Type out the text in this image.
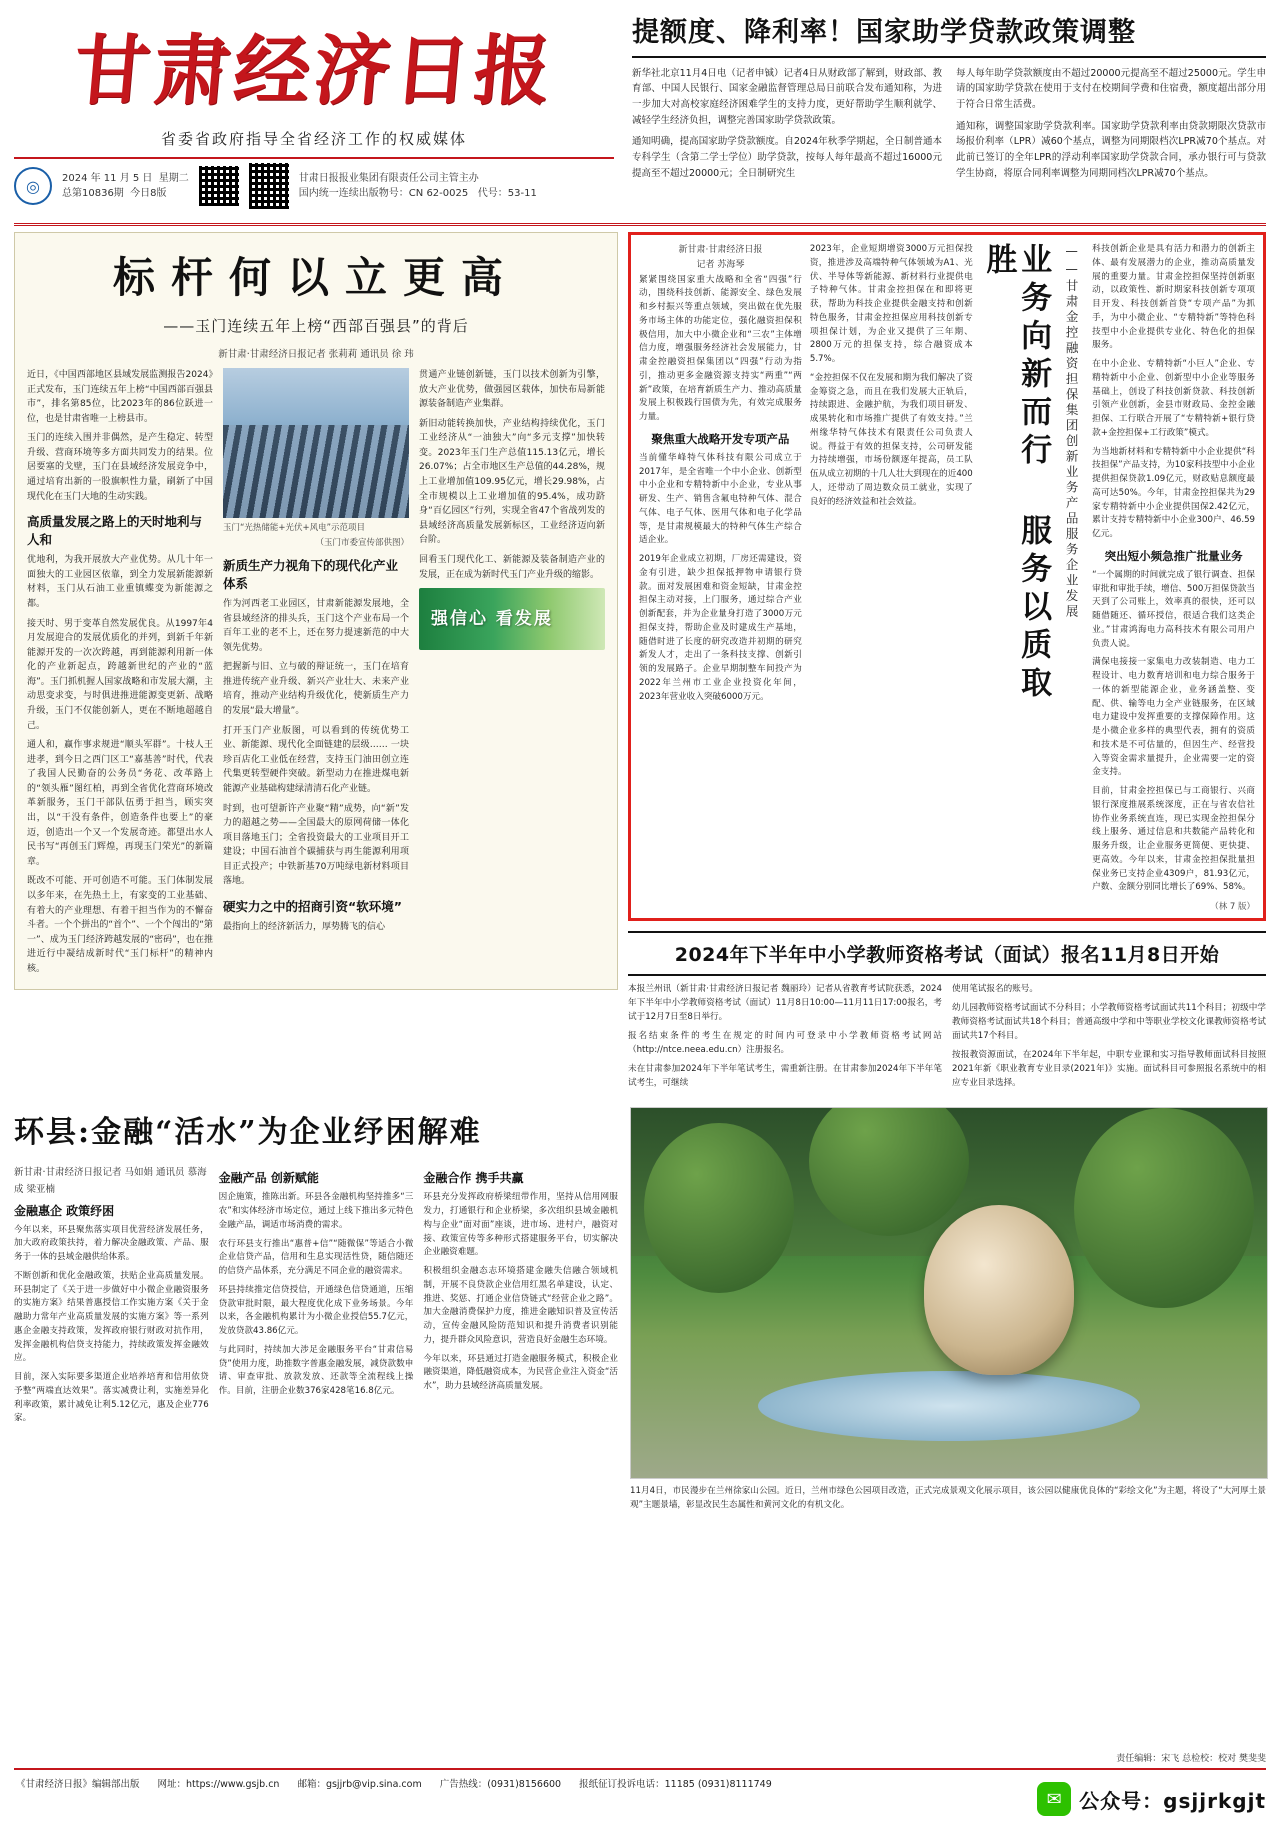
甘肃经济日报
省委省政府指导全省经济工作的权威媒体
◎	2024 年 11 月 5 日 星期二
总第10836期 今日8版
甘肃日报报业集团有限责任公司主管主办
国内统一连续出版物号：CN 62-0025 代号：53-11
提额度、降利率！国家助学贷款政策调整

新华社北京11月4日电（记者申铖）记者4日从财政部了解到，财政部、教育部、中国人民银行、国家金融监督管理总局日前联合发布通知称，为进一步加大对高校家庭经济困难学生的支持力度，更好帮助学生顺利就学、减轻学生经济负担，调整完善国家助学贷款政策。

通知明确，提高国家助学贷款额度。自2024年秋季学期起，全日制普通本专科学生（含第二学士学位）助学贷款，按每人每年最高不超过16000元提高至不超过20000元；全日制研究生

每人每年助学贷款额度由不超过20000元提高至不超过25000元。学生申请的国家助学贷款在使用于支付在校期间学费和住宿费，额度超出部分用于符合日常生活费。

通知称，调整国家助学贷款利率。国家助学贷款利率由贷款期限次贷款市场报价利率（LPR）减60个基点，调整为同期限档次LPR减70个基点。对此前已签订的全年LPR的浮动利率国家助学贷款合同，承办银行可与贷款学生协商，将原合同利率调整为同期同档次LPR减70个基点。

标杆何以立更高
——玉门连续五年上榜“西部百强县”的背后
新甘肃·甘肃经济日报记者 张莉莉 通讯员 徐 玮

近日，《中国西部地区县域发展监测报告2024》正式发布，玉门连续五年上榜“中国西部百强县市”，排名第85位，比2023年的86位跃进一位，也是甘肃省唯一上榜县市。

玉门的连续入围并非偶然，是产生稳定、转型升级、营商环境等多方面共同发力的结果。位居要塞的戈壁，玉门在县域经济发展竞争中，通过培育出新的一股旗帜性力量，刷新了中国现代化在玉门大地的生动实践。

高质量发展之路上的天时地利与人和

优地利，为我开展放大产业优势。从几十年一面独大的工业园区依靠，到全力发展新能源新材料，玉门从石油工业重镇蝶变为新能源之都。

接天时、男于变革自然发展优良。从1997年4月发展迎合的发展优质化的并列，到新千年新能源开发的一次次跨越，再到能源利用新一体化的产业新起点，跨越新世纪的产业的“蓝海”。玉门抓机握人国家战略和市发展大潮，主动思变求变，与时俱进推进能源变更新、战略升级，玉门不仅能创新人，更在不断地超越自己。

通人和，赢作事求规进“顺头军群”。十枝人王进孝，到今日之西门区工“嘉基善”时代，代表了我国人民勤奋的公务员“务花、改革路上的“领头雁”图红柏，再到全省优化营商环境改革新服务，玉门干部队伍勇于担当，顾实突出，以“干没有条件，创造条件也要上”的豪迈，创造出一个又一个发展奇迹。都望出水人民书写“再创玉门辉煌，再现玉门荣光”的新篇章。

既改不可能、开可创造不可能。玉门体制发展以多年来，在先热土上，有家变的工业基础、有着大的产业理想、有着干担当作为的不懈奋斗者。一个个拼出的“首个”、一个个闯出的“第一”、成为玉门经济跨越发展的“密码”，也在推进近行中凝结成新时代“玉门标杆”的精神内核。

玉门“光热储能+光伏+风电”示范项目
（玉门市委宣传部供图）
新质生产力视角下的现代化产业体系

作为河西老工业园区，甘肃新能源发展地，全省县域经济的排头兵，玉门这个产业布局一个百年工业的老不上，还在努力提速新范的中大领先优势。

把握新与旧、立与破的辩证统一，玉门在培育推进传统产业升级、新兴产业壮大、未来产业培育，推动产业结构升级优化，使新质生产力的发展“最大增量”。

打开玉门产业版图，可以看到的传统优势工业、新能源、现代化全面链建的层级…… 一块珍百店化工业低在经营，支持玉门油田创立连代集更转型硬件突破。新型动力在推进煤电新能源产业基础构建绿清清石化产业链。

时到，也可望新许产业聚“精”成势，向“新”发力的超越之势——全国最大的原网荷储一体化项目落地玉门；全省投资最大的工业项目开工建设；中国石油首个碳捕获与再生能源利用项目正式投产；中铁新基70万吨绿电新材料项目落地。

硬实力之中的招商引资“软环境”

最指向上的经济新活力，厚势腾飞的信心

贯通产业链创新链，玉门以技术创新为引擎，放大产业优势，做强园区载体，加快布局新能源装备制造产业集群。

新旧动能转换加快，产业结构持续优化，玉门工业经济从“一油独大”向“多元支撑”加快转变。2023年玉门生产总值115.13亿元，增长26.07%；占全市地区生产总值的44.28%，规上工业增加值109.95亿元，增长29.98%，占全市规模以上工业增加值的95.4%，成功跻身“百亿园区”行列，实现全省47个省战列发的县域经济高质量发展新标区，工业经济迈向新台阶。

回看玉门现代化工、新能源及装备制造产业的发展，正在成为新时代玉门产业升级的缩影。

强信心 看发展
新甘肃·甘肃经济日报
记者 苏海琴

紧紧围绕国家重大战略和全省“四强”行动，围绕科技创新、能源安全、绿色发展和乡村振兴等重点领域，突出做在优先服务市场主体的功能定位，强化融资担保积极信用，加大中小微企业和“三农”主体增信力度，增强服务经济社会发展能力，甘肃金控融资担保集团以“四强”行动为指引，推动更多金融资源支持实“两重”“两新”政策，在培育新质生产力、推动高质量发展上积极践行国债为先，有效完成服务力量。

聚焦重大战略开发专项产品

当前懂华峰特气体科技有限公司成立于2017年，是全省唯一个中小企业、创新型中小企业和专精特新中小企业，专业从事研发、生产、销售含氟电特种气体、混合气体、电子气体、医用气体和电子化学品等，是甘肃规模最大的特种气体生产综合适企业。

2019年企业成立初期，厂房还需建设，资金有引进，缺少担保抵押物申请银行贷款。面对发展困难和资金短缺，甘肃金控担保主动对接，上门服务，通过综合产业创新配套，并为企业量身打造了3000万元担保支持，帮助企业及时建成生产基地，随借时进了长度的研究改造并初期的研究新发人才，走出了一条科技支撑、创新引领的发展路子。企业早期制整车间投产为2022年兰州市工业企业投资化年间，2023年营业收入突破6000万元。

2023年，企业短期增资3000万元担保投资，推进涉及高端特种气体领域为A1、光伏、半导体等新能源、新材料行业提供电子特种气体。甘肃金控担保在和即将更获，帮助为科技企业提供金融支持和创新特色服务，甘肃金控担保应用科技创新专项担保计划，为企业又提供了三年期、2800万元的担保支持，综合融资成本5.7%。

“金控担保不仅在发展和期为我们解决了资金筹资之急，而且在我们发展大正轨后，持续跟进、金融护航，为我们项目研发、成果转化和市场推广提供了有效支持。”兰州缘华特气体技术有限责任公司负责人说。得益于有效的担保支持，公司研发能力持续增强，市场份额逐年提高，员工队伍从成立初期的十几人壮大到现在的近400人，还带动了周边数众员工就业，实现了良好的经济效益和社会效益。	业务向新而行 服务以质取胜	——甘肃金控融资担保集团创新业务产品服务企业发展 科技创新企业是具有活力和潜力的创新主体、最有发展潜力的企业，推动高质量发展的重要力量。甘肃金控担保坚持创新驱动，以政策性、新时期家科技创新专项项目开发、科技创新首贷“专项产品”为抓手，为中小微企业、“专精特新”等特色科技型中小企业提供专业化、特色化的担保服务。

在中小企业、专精特新“小巨人”企业、专精特新中小企业、创新型中小企业等服务基础上，创设了科技创新贷款、科技创新引领产业创新，金县市财政局、金控金融担保、工行联合开展了“专精特新+银行贷款+金控担保+工行政策”模式。

为当地新材料和专精特新中小企业提供“科技担保”产品支持，为10家科技型中小企业提供担保贷款1.09亿元，财政贴息额度最高可达50%。今年，甘肃金控担保共为29家专精特新中小企业提供国保2.42亿元，累计支持专精特新中小企业300户、46.59亿元。

突出短小频急推广批量业务

“一个属期的时间就完成了银行调查、担保审批和审批手续，增信、500万担保贷款当天到了公司账上，效率真的很快，还可以随借随还、循环授信，很适合我们这类企业。”甘肃鸿海电力高科技术有限公司用户负责人说。

满保电接接一家集电力改装制造、电力工程设计、电力数育培训和电力综合服务于一体的新型能源企业，业务涵盖整、变配、供、输等电力全产业链服务，在区域电力建设中发挥重要的支撑保障作用。这是小微企业多样的典型代表，拥有的资质和技术是不可估量的，但因生产、经营投入等资金需求量提升，企业需要一定的资金支持。

目前，甘肃金控担保已与工商银行、兴商银行深度推展系统深度，正在与省农信社协作业务系统直连，现已实现金控担保分线上服务、通过信息和共数能产品转化和服务升级，让企业服务更简便、更快捷、更高效。今年以来，甘肃金控担保批量担保业务已支持企业4309户，81.93亿元，户数、金额分别同比增长了69%、58%。

（林 7 版）
2024年下半年中小学教师资格考试（面试）报名11月8日开始

本报兰州讯（新甘肃·甘肃经济日报记者 魏丽玲）记者从省教育考试院获悉，2024年下半年中小学教师资格考试（面试）11月8日10:00—11月11日17:00报名，考试于12月7日至8日举行。

报名结束条件的考生在规定的时间内可登录中小学教师资格考试网站（http://ntce.neea.edu.cn）注册报名。

未在甘肃参加2024年下半年笔试考生，需重新注册。在甘肃参加2024年下半年笔试考生，可继续

使用笔试报名的账号。

幼儿园教师资格考试面试不分科目；小学教师资格考试面试共11个科目；初级中学教师资格考试面试共18个科目；普通高级中学和中等职业学校文化课教师资格考试面试共17个科目。

按报教资源面试，在2024年下半年起，中职专业课和实习指导教师面试科目按照2021年新《职业教育专业目录(2021年)》实施。面试科目可参照报名系统中的相应专业目录选择。

环县:金融“活水”为企业纾困解难
新甘肃·甘肃经济日报记者 马如娟 通讯员 慕海成 梁亚楠
金融惠企 政策纾困

今年以来，环县聚焦落实项目优营经济发展任务，加大政府政策扶持，着力解决金融政策、产品、服务于一体的县域金融供给体系。

不断创新和优化金融政策，扶贴企业高质量发展。环县制定了《关于进一步做好中小微企业融资服务的实施方案》结果普惠授信工作实施方案《关于金融助力常年产业高质量发展的实施方案》等一系列惠企金融支持政策，发挥政府银行财政对抗作用，发挥金融机构信贷支持能力，持续政策发挥金融效应。

目前，深入实际要多渠道企业培养培育和信用依贷予整“两端直达效果”。落实减费让利，实施差异化利率政策，累计减免让利5.12亿元，惠及企业776家。

金融产品 创新赋能

因企施策，推陈出新。环县各金融机构坚持推多“三农”和实体经济市场定位，通过上线下推出多元特色金融产品，调适市场消费的需求。

农行环县支行推出“惠普+信”“随微保”等适合小微企业信贷产品，信用和生息实现活性贷，随信随还的信贷产品体系，充分满足不同企业的融资需求。

环县持续推定信贷授信，开通绿色信贷通道，压缩贷款审批时限，最大程度优化成下业务场景。今年以来，各金融机构累计为小微企业授信55.7亿元，发放贷款43.86亿元。

与此同时，持续加大涉足金融服务平台“甘肃信易贷”使用力度，助推数字普惠金融发展，减贷款数申请、审查审批、放款发放、还款等全流程线上操作。目前，注册企业数376家428笔16.8亿元。

金融合作 携手共赢

环县充分发挥政府桥梁纽带作用，坚持从信用网服发力，打通银行和企业桥梁，多次组织县域金融机构与企业“面对面”座谈，进市场、进村户，融资对接、政策宣传等多种形式搭建服务平台，切实解决企业融资难题。

积极组织金融态志环境搭建金融失信融合领域机制，开展不良贷款企业信用红黑名单建设，认定、推进、奖惩、打通企业信贷链式“经营企业之路”。加大金融消费保护力度，推进金融知识普及宣传活动，宣传金融风险防范知识和提升消费者识别能力，提升群众风险意识，营造良好金融生态环境。

今年以来，环县通过打造金融服务模式，积极企业融资渠道，降低融资成本，为民营企业注入资金“活水”，助力县域经济高质量发展。

11月4日，市民漫步在兰州徐家山公园。近日，兰州市绿色公园项目改造，正式完成景观文化展示项目，该公园以健康优良体的“彩绘文化”为主题，将设了“大河厚土景观”主题景墙，彰显改民生态属性和黄河文化的有机文化。
《甘肃经济日报》编辑部出版 网址：https://www.gsjb.cn 邮箱：gsjjrb@vip.sina.com 广告热线：(0931)8156600 报纸征订投诉电话：11185 (0931)8111749
责任编辑：宋飞 总检校：校对 樊斐斐
✉ 公众号：gsjjrkgjt
